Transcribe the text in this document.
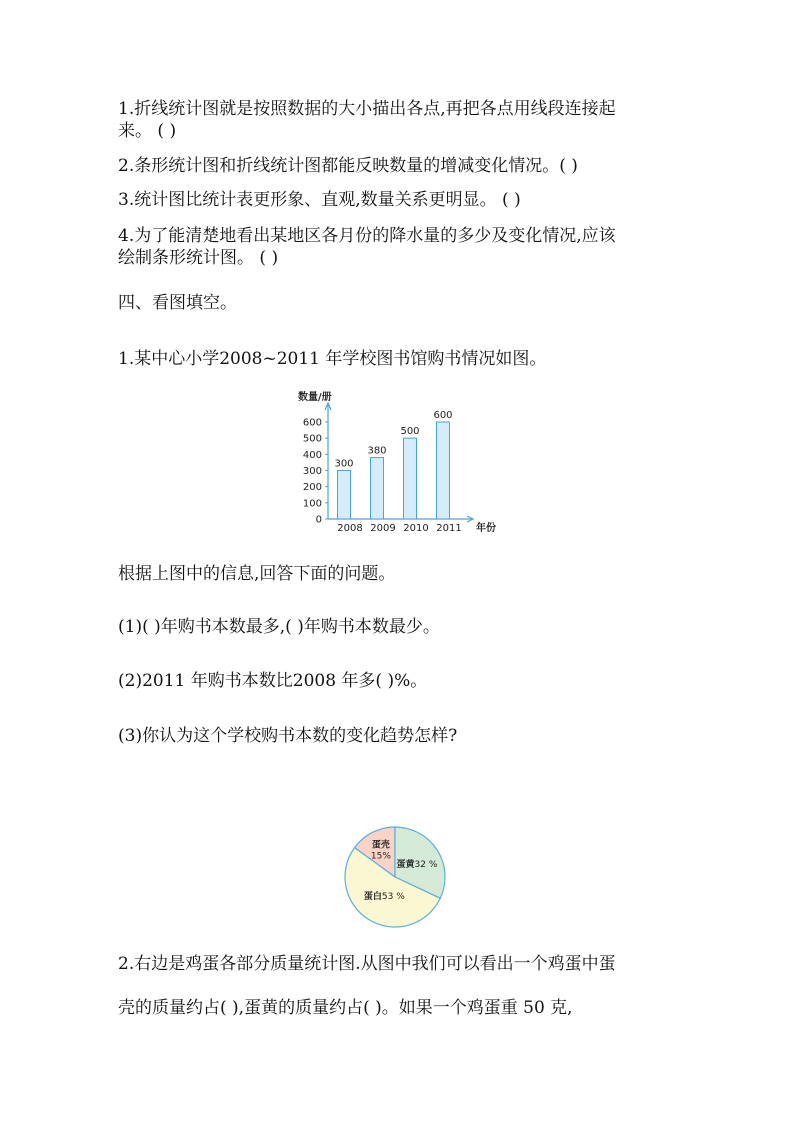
1.折线统计图就是按照数据的大小描出各点,再把各点用线段连接起
来。 ( )
2.条形统计图和折线统计图都能反映数量的增减变化情况。( )
3.统计图比统计表更形象、直观,数量关系更明显。 ( )
4.为了能清楚地看出某地区各月份的降水量的多少及变化情况,应该
绘制条形统计图。 ( )
四、看图填空。
1.某中心小学2008~2011 年学校图书馆购书情况如图。
数量/册
年份
0
100
200
300
400
500
600
300
2008
380
2009
500
2010
600
2011
根据上图中的信息,回答下面的问题。
(1)( )年购书本数最多,( )年购书本数最少。
(2)2011 年购书本数比2008 年多( )%。
(3)你认为这个学校购书本数的变化趋势怎样?
蛋壳
15%
蛋黄32 %
蛋白53 %
2.右边是鸡蛋各部分质量统计图.从图中我们可以看出一个鸡蛋中蛋
壳的质量约占( ),蛋黄的质量约占( )。如果一个鸡蛋重 50 克,
